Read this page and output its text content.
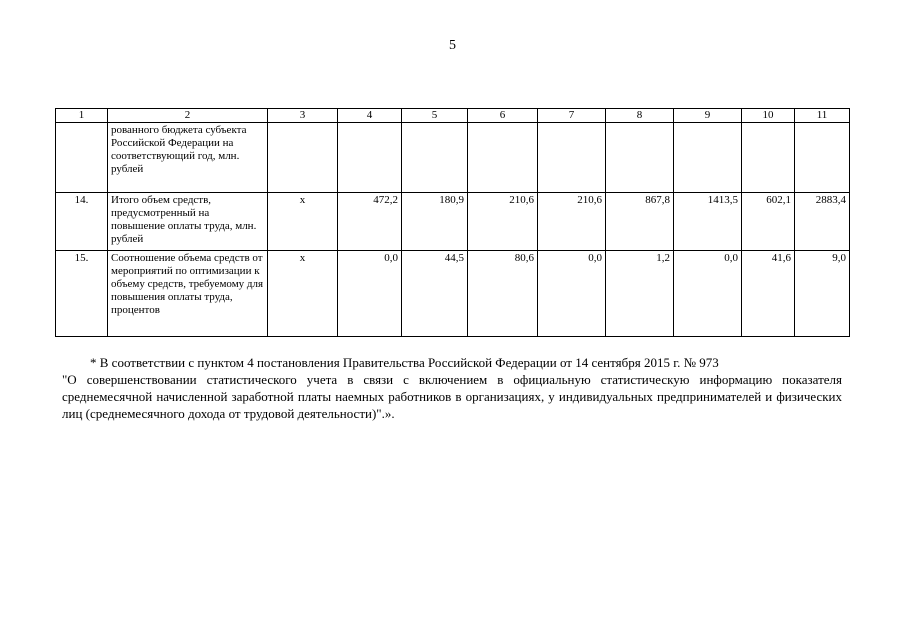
5
1	2	3	4	5	6	7	8	9	10	11
	рованного бюджета субъекта Российской Федерации на соответствующий год, млн. рублей									
14.	Итого объем средств, предусмотренный на повышение оплаты труда, млн. рублей	x	472,2	180,9	210,6	210,6	867,8	1413,5	602,1	2883,4
15.	Соотношение объема средств от мероприятий по оптимизации к объему средств, требуемому для повышения оплаты труда, процентов	x	0,0	44,5	80,6	0,0	1,2	0,0	41,6	9,0

* В соответствии с пунктом 4 постановления Правительства Российской Федерации от 14 сентября 2015 г. № 973

"О совершенствовании статистического учета в связи с включением в официальную статистическую информацию показателя среднемесячной начисленной заработной платы наемных работников в организациях, у индивидуальных предпринимателей и физических лиц (среднемесячного дохода от трудовой деятельности)".».
